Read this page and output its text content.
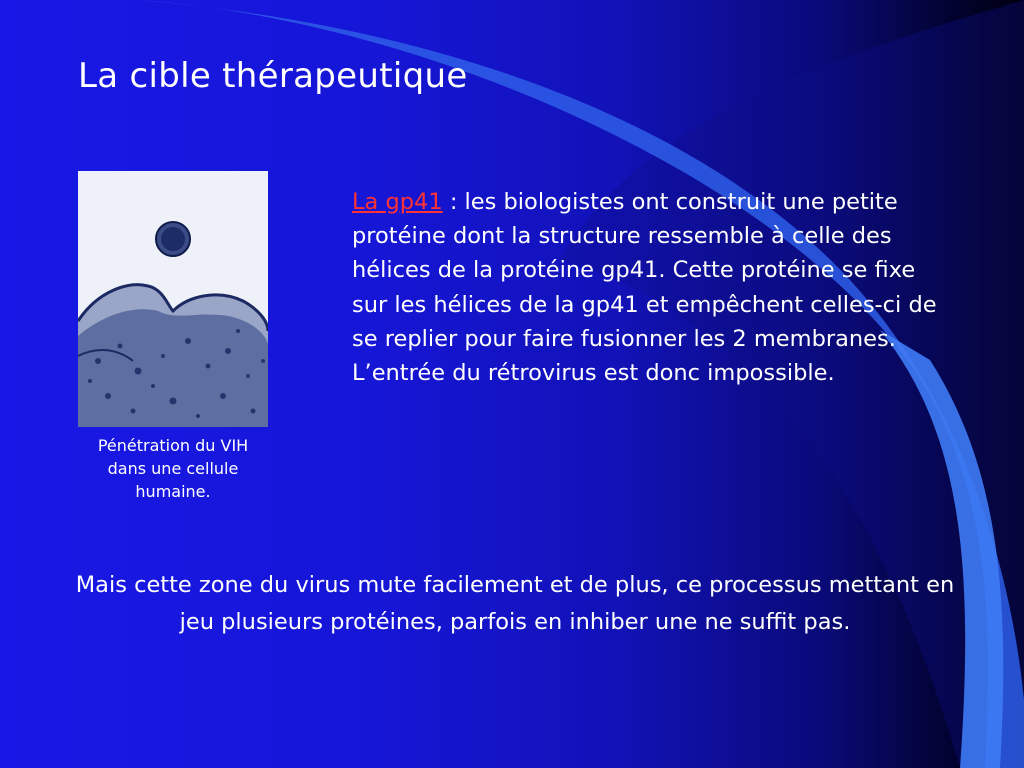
La cible thérapeutique
Pénétration du VIH dans une cellule humaine.

La gp41 : les biologistes ont construit une petite protéine dont la structure ressemble à celle des hélices de la protéine gp41. Cette protéine se fixe sur les hélices de la gp41 et empêchent celles-ci de se replier pour faire fusionner les 2 membranes. L’entrée du rétrovirus est donc impossible.

Mais cette zone du virus mute facilement et de plus, ce processus mettant en jeu plusieurs protéines, parfois en inhiber une ne suffit pas.
